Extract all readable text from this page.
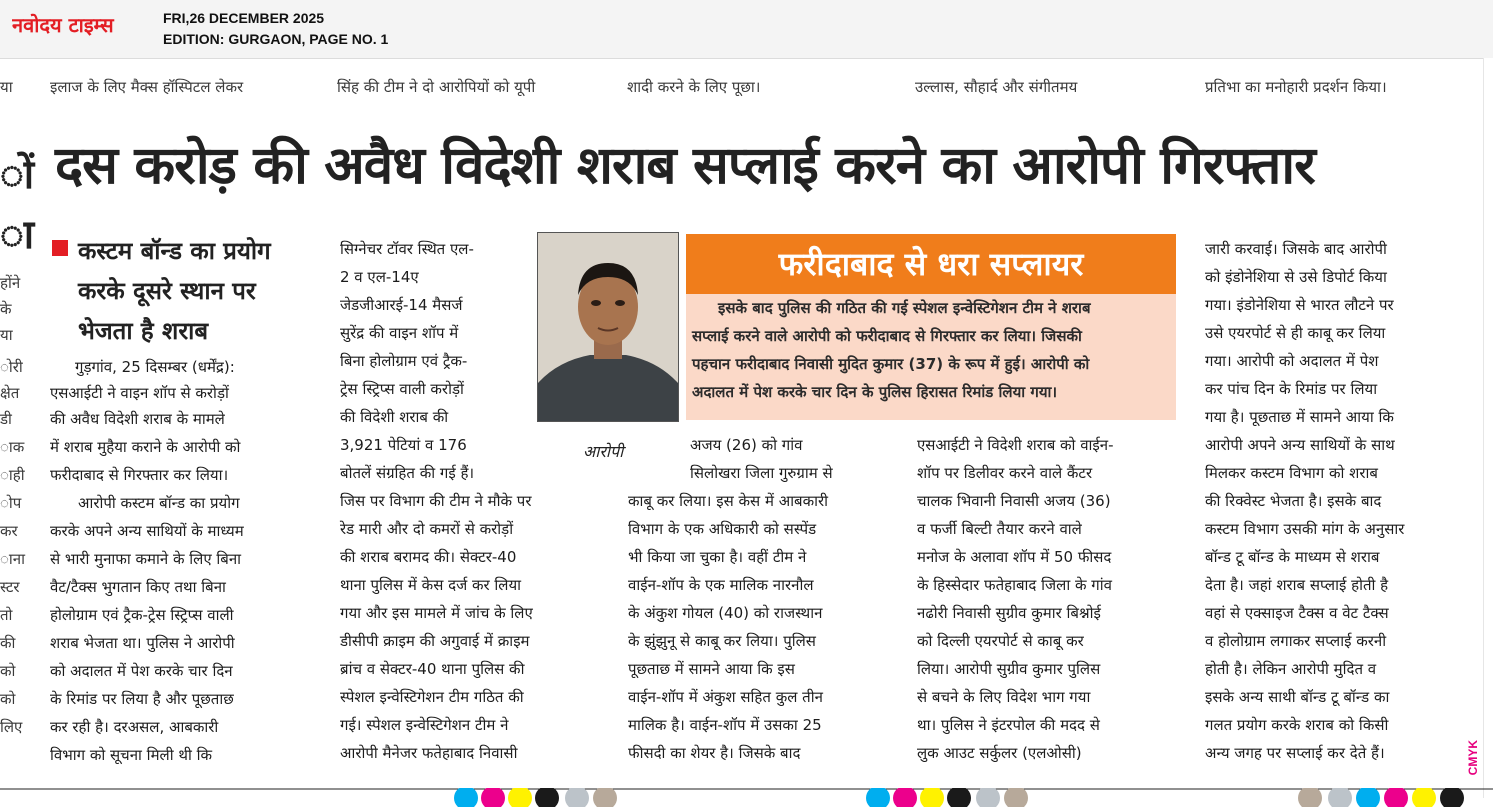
नवोदय टाइम्स	FRI,26 DECEMBER 2025
EDITION: GURGAON, PAGE NO. 1
इलाज के लिए मैक्स हॉस्पिटल लेकर	सिंह की टीम ने दो आरोपियों को यूपी	शादी करने के लिए पूछा।	उल्लास, सौहार्द और संगीतमय	प्रतिभा का मनोहारी प्रदर्शन किया।
या
ों
ा
होंने
के
या
ोरी
क्षेत
डी
ाक
ाही
ोप
कर
ाना
स्टर
तो
की
को
को
लिए
दस करोड़ की अवैध विदेशी शराब सप्लाई करने का आरोपी गिरफ्तार
कस्टम बॉन्ड का प्रयोग
करके दूसरे स्थान पर
भेजता है शराब
गुड़गांव, 25 दिसम्बर (धर्मेंद्र):
एसआईटी ने वाइन शॉप से करोड़ों
की अवैध विदेशी शराब के मामले
में शराब मुहैया कराने के आरोपी को
फरीदाबाद से गिरफ्तार कर लिया।
आरोपी कस्टम बॉन्ड का प्रयोग
करके अपने अन्य साथियों के माध्यम
से भारी मुनाफा कमाने के लिए बिना
वैट/टैक्स भुगतान किए तथा बिना
होलोग्राम एवं ट्रैक-ट्रेस स्ट्रिप्स वाली
शराब भेजता था। पुलिस ने आरोपी
को अदालत में पेश करके चार दिन
के रिमांड पर लिया है और पूछताछ
कर रही है। दरअसल, आबकारी
विभाग को सूचना मिली थी कि
सिग्नेचर टॉवर स्थित एल-
2 व एल-14ए
जेडजीआरई-14 मैसर्ज
सुरेंद्र की वाइन शॉप में
बिना होलोग्राम एवं ट्रैक-
ट्रेस स्ट्रिप्स वाली करोड़ों
की विदेशी शराब की
3,921 पेटियां व 176
बोतलें संग्रहित की गई हैं।
आरोपी
फरीदाबाद से धरा सप्लायर
इसके बाद पुलिस की गठित की गई स्पेशल इन्वेस्टिगेशन टीम ने शराब
सप्लाई करने वाले आरोपी को फरीदाबाद से गिरफ्तार कर लिया। जिसकी
पहचान फरीदाबाद निवासी मुदित कुमार (37) के रूप में हुई। आरोपी को
अदालत में पेश करके चार दिन के पुलिस हिरासत रिमांड लिया गया।
जिस पर विभाग की टीम ने मौके पर
रेड मारी और दो कमरों से करोड़ों
की शराब बरामद की। सेक्टर-40
थाना पुलिस में केस दर्ज कर लिया
गया और इस मामले में जांच के लिए
डीसीपी क्राइम की अगुवाई में क्राइम
ब्रांच व सेक्टर-40 थाना पुलिस की
स्पेशल इन्वेस्टिगेशन टीम गठित की
गई। स्पेशल इन्वेस्टिगेशन टीम ने
आरोपी मैनेजर फतेहाबाद निवासी
अजय (26) को गांव
सिलोखरा जिला गुरुग्राम से
काबू कर लिया। इस केस में आबकारी
विभाग के एक अधिकारी को सस्पेंड
भी किया जा चुका है। वहीं टीम ने
वाईन-शॉप के एक मालिक नारनौल
के अंकुश गोयल (40) को राजस्थान
के झुंझुनू से काबू कर लिया। पुलिस
पूछताछ में सामने आया कि इस
वाईन-शॉप में अंकुश सहित कुल तीन
मालिक है। वाईन-शॉप में उसका 25
फीसदी का शेयर है। जिसके बाद
एसआईटी ने विदेशी शराब को वाईन-
शॉप पर डिलीवर करने वाले कैंटर
चालक भिवानी निवासी अजय (36)
व फर्जी बिल्टी तैयार करने वाले
मनोज के अलावा शॉप में 50 फीसद
के हिस्सेदार फतेहाबाद जिला के गांव
नढोरी निवासी सुग्रीव कुमार बिश्नोई
को दिल्ली एयरपोर्ट से काबू कर
लिया। आरोपी सुग्रीव कुमार पुलिस
से बचने के लिए विदेश भाग गया
था। पुलिस ने इंटरपोल की मदद से
लुक आउट सर्कुलर (एलओसी)
जारी करवाई। जिसके बाद आरोपी
को इंडोनेशिया से उसे डिपोर्ट किया
गया। इंडोनेशिया से भारत लौटने पर
उसे एयरपोर्ट से ही काबू कर लिया
गया। आरोपी को अदालत में पेश
कर पांच दिन के रिमांड पर लिया
गया है। पूछताछ में सामने आया कि
आरोपी अपने अन्य साथियों के साथ
मिलकर कस्टम विभाग को शराब
की रिक्वेस्ट भेजता है। इसके बाद
कस्टम विभाग उसकी मांग के अनुसार
बॉन्ड टू बॉन्ड के माध्यम से शराब
देता है। जहां शराब सप्लाई होती है
वहां से एक्साइज टैक्स व वेट टैक्स
व होलोग्राम लगाकर सप्लाई करनी
होती है। लेकिन आरोपी मुदित व
इसके अन्य साथी बॉन्ड टू बॉन्ड का
गलत प्रयोग करके शराब को किसी
अन्य जगह पर सप्लाई कर देते हैं।	CMYK
